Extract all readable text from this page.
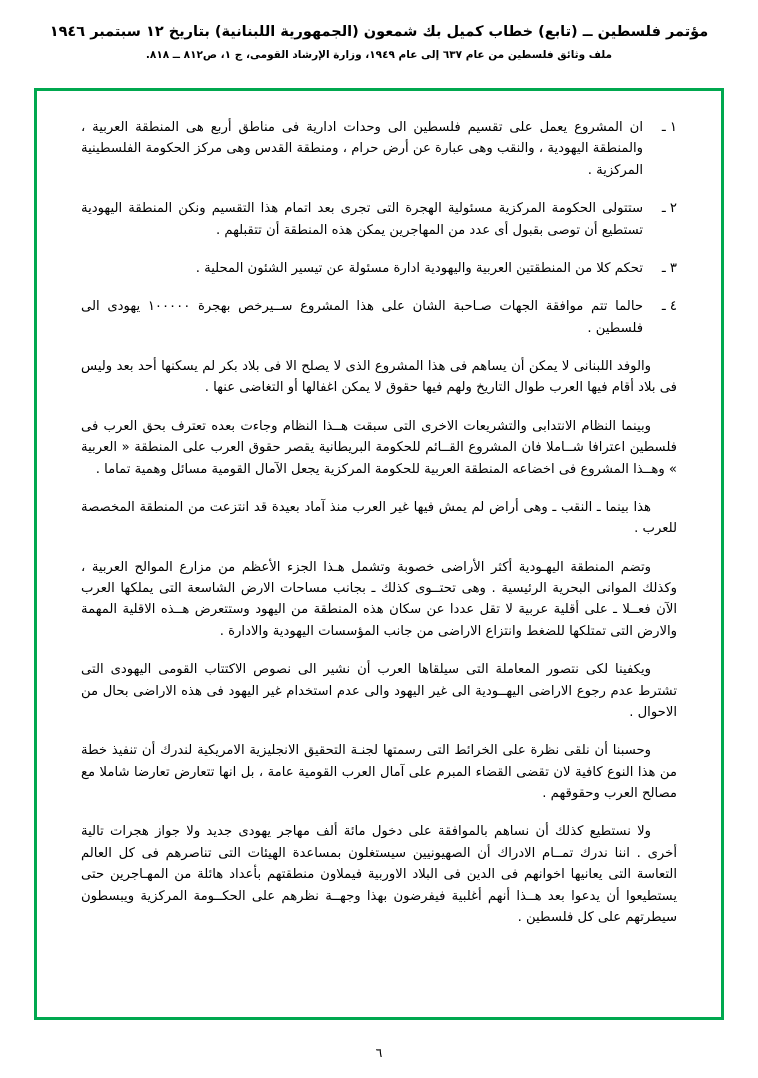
مؤتمر فلسطين ــ (تابع) خطاب كميل بك شمعون (الجمهورية اللبنانية) بتاريخ ١٢ سبتمبر ١٩٤٦
ملف وثائق فلسطين من عام ٦٣٧ إلى عام ١٩٤٩، وزارة الإرشاد القومى، ج ١، ص٨١٢ ــ ٨١٨.

١ ـ
ان المشروع يعمل على تقسيم فلسطين الى وحدات ادارية فى مناطق أربع هى المنطقة العربية ، والمنطقة اليهودية ، والنقب وهى عبارة عن أرض حرام ، ومنطقة القدس وهى مركز الحكومة الفلسطينية المركزية .

٢ ـ
ستتولى الحكومة المركزية مسئولية الهجرة التى تجرى بعد اتمام هذا التقسيم ونكن المنطقة اليهودية تستطيع أن توصى بقبول أى عدد من المهاجرين يمكن هذه المنطقة أن تتقبلهم .

٣ ـ
تحكم كلا من المنطقتين العربية واليهودية ادارة مسئولة عن تيسير الشئون المحلية .

٤ ـ
حالما تتم موافقة الجهات صـاحبة الشان على هذا المشروع ســيرخص بهجرة ١٠٠٠٠٠ يهودى الى فلسطين .

والوفد اللبنانى لا يمكن أن يساهم فى هذا المشروع الذى لا يصلح الا فى بلاد بكر لم يسكنها أحد بعد وليس فى بلاد أقام فيها العرب طوال التاريخ ولهم فيها حقوق لا يمكن اغفالها أو التغاضى عنها .

وبينما النظام الانتدابى والتشريعات الاخرى التى سبقت هــذا النظام وجاءت بعده تعترف بحق العرب فى فلسطين اعترافا شــاملا فان المشروع القــائم للحكومة البريطانية يقصر حقوق العرب على المنطقة « العربية » وهــذا المشروع فى اخضاعه المنطقة العربية للحكومة المركزية يجعل الآمال القومية مسائل وهمية تماما .

هذا بينما ـ النقب ـ وهى أراض لم يمش فيها غير العرب منذ آماد بعيدة قد انتزعت من المنطقة المخصصة للعرب .

وتضم المنطقة اليهـودية أكثر الأراضى خصوبة وتشمل هـذا الجزء الأعظم من مزارع الموالح العربية ، وكذلك الموانى البحرية الرئيسية . وهى تحتــوى كذلك ـ بجانب مساحات الارض الشاسعة التى يملكها العرب الآن فعــلا ـ على أقلية عربية لا تقل عددا عن سكان هذه المنطقة من اليهود وستتعرض هــذه الاقلية المهمة والارض التى تمتلكها للضغط وانتزاع الاراضى من جانب المؤسسات اليهودية والادارة .

ويكفينا لكى نتصور المعاملة التى سيلقاها العرب أن نشير الى نصوص الاكتتاب القومى اليهودى التى تشترط عدم رجوع الاراضى اليهــودية الى غير اليهود والى عدم استخدام غير اليهود فى هذه الاراضى بحال من الاحوال .

وحسبنا أن نلقى نظرة على الخرائط التى رسمتها لجنـة التحقيق الانجليزية الامريكية لندرك أن تنفيذ خطة من هذا النوع كافية لان تقضى القضاء المبرم على آمال العرب القومية عامة ، بل انها تتعارض تعارضا شاملا مع مصالح العرب وحقوقهم .

ولا نستطيع كذلك أن نساهم بالموافقة على دخول مائة ألف مهاجر يهودى جديد ولا جواز هجرات تالية أخرى . اننا ندرك تمــام الادراك أن الصهيونيين سيستغلون بمساعدة الهيئات التى تناصرهم فى كل العالم التعاسة التى يعانيها اخوانهم فى الدين فى البلاد الاوربية فيملاون منطقتهم بأعداد هائلة من المهـاجرين حتى يستطيعوا أن يدعوا بعد هــذا أنهم أغلبية فيفرضون بهذا وجهــة نظرهم على الحكــومة المركزية ويبسطون سيطرتهم على كل فلسطين .

٦
